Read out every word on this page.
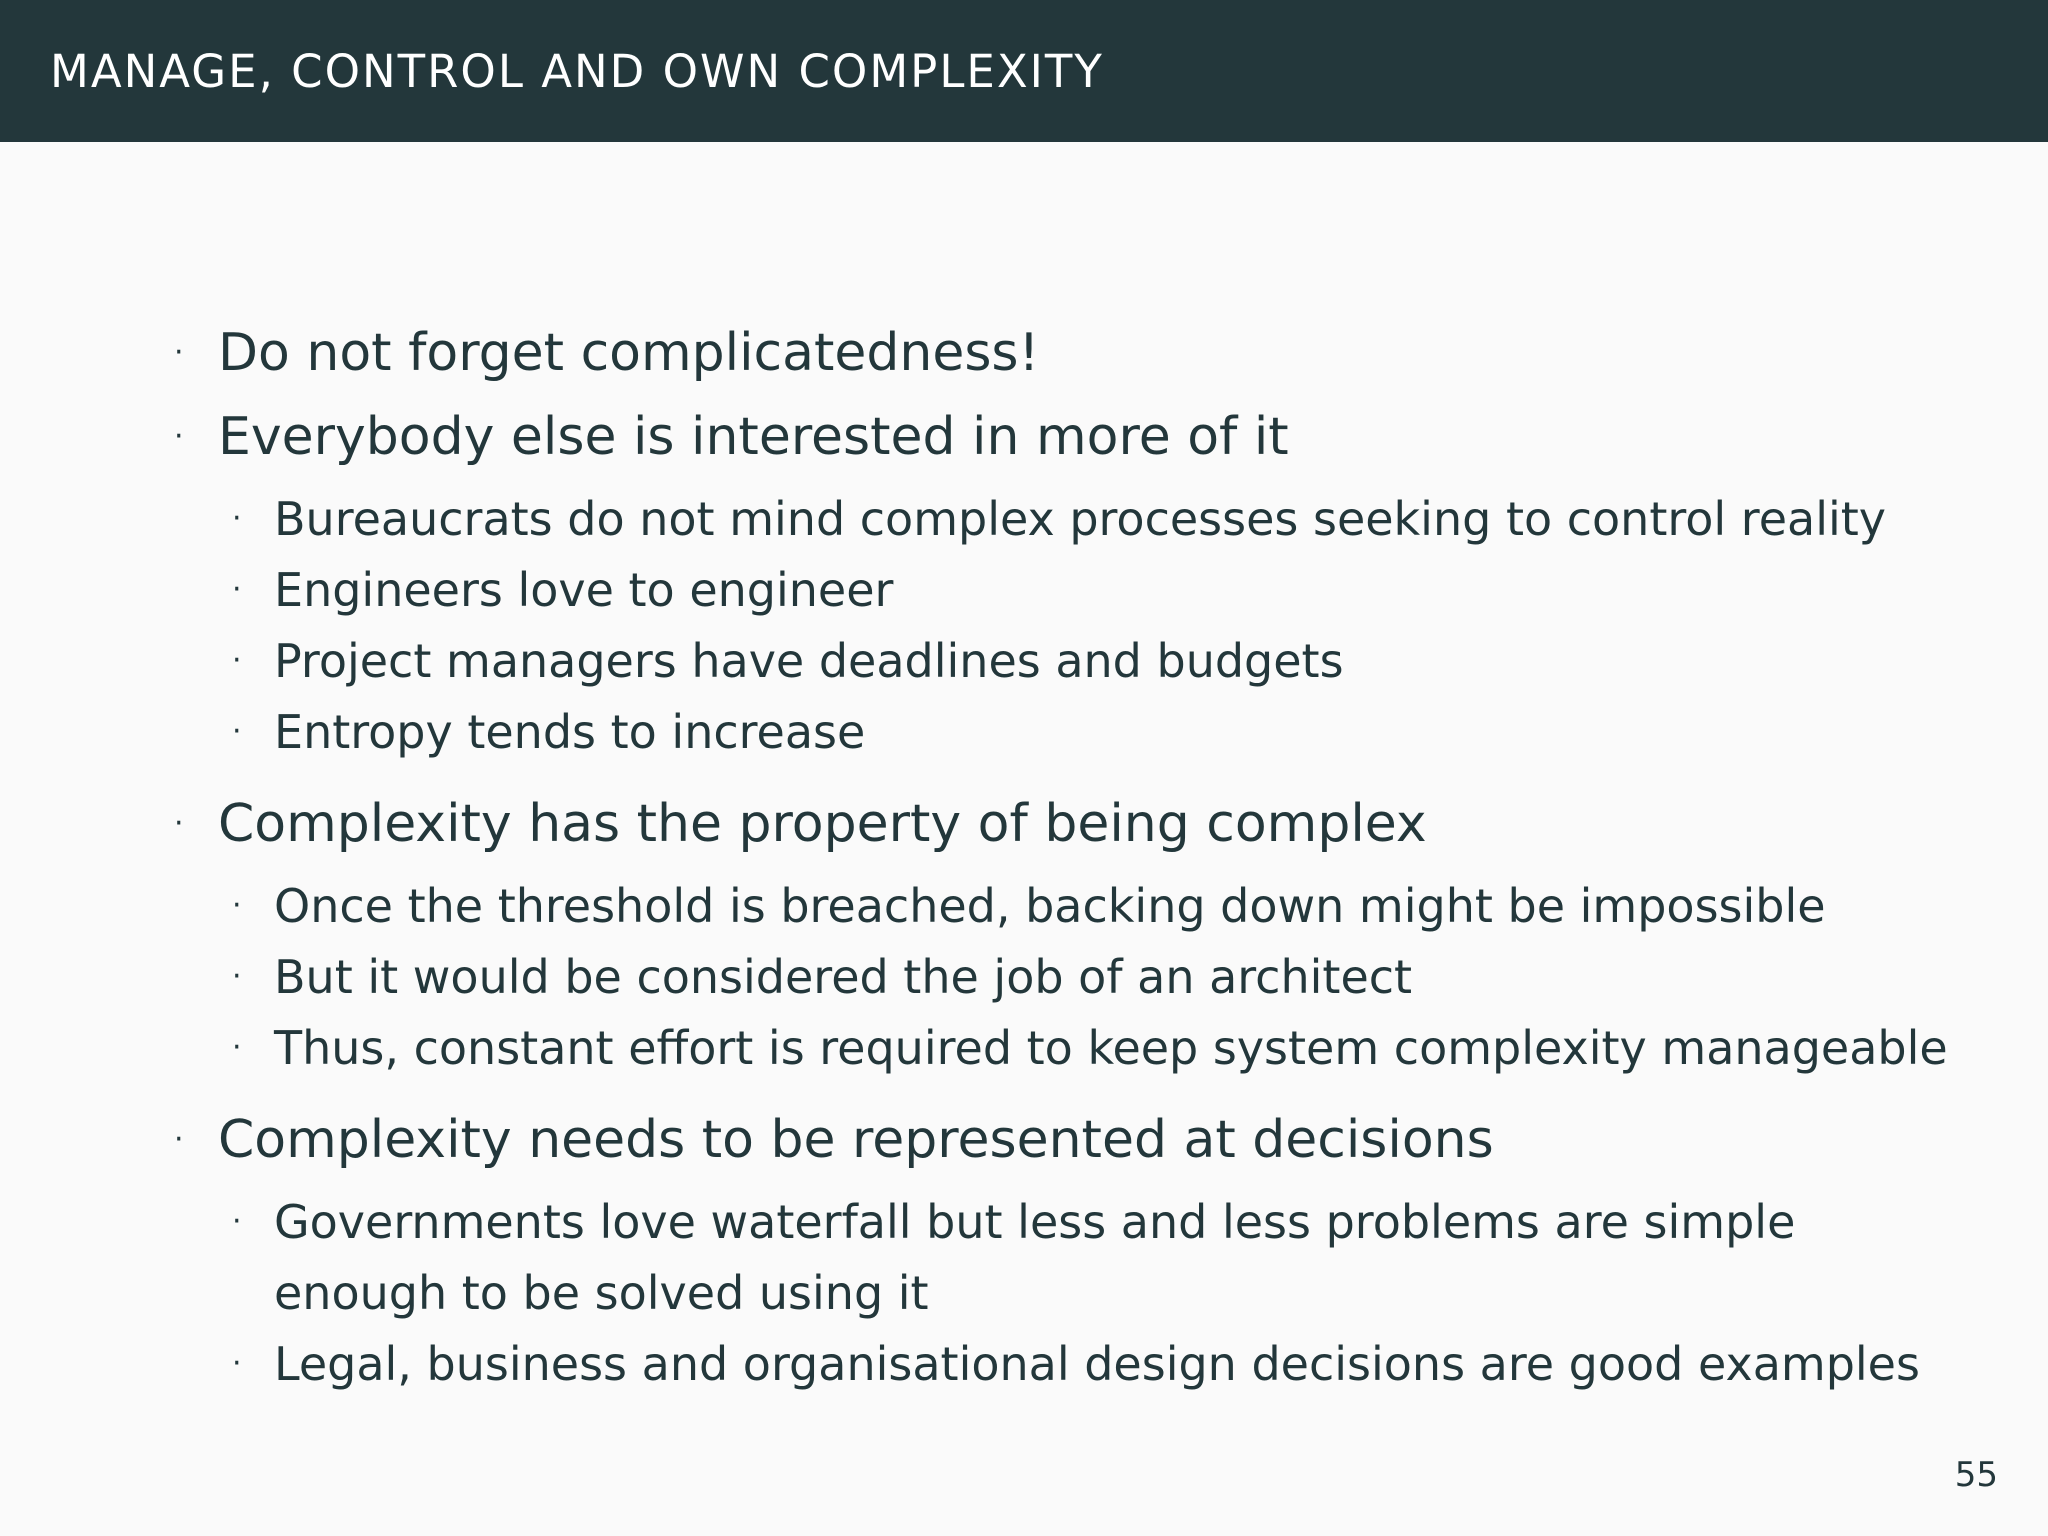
MANAGE, CONTROL AND OWN COMPLEXITY
· Do not forget complicatedness!
· Everybody else is interested in more of it
· Bureaucrats do not mind complex processes seeking to control reality
· Engineers love to engineer
· Project managers have deadlines and budgets
· Entropy tends to increase
· Complexity has the property of being complex
· Once the threshold is breached, backing down might be impossible
· But it would be considered the job of an architect
· Thus, constant effort is required to keep system complexity manageable
· Complexity needs to be represented at decisions
· Governments love waterfall but less and less problems are simple
enough to be solved using it
· Legal, business and organisational design decisions are good examples
55
